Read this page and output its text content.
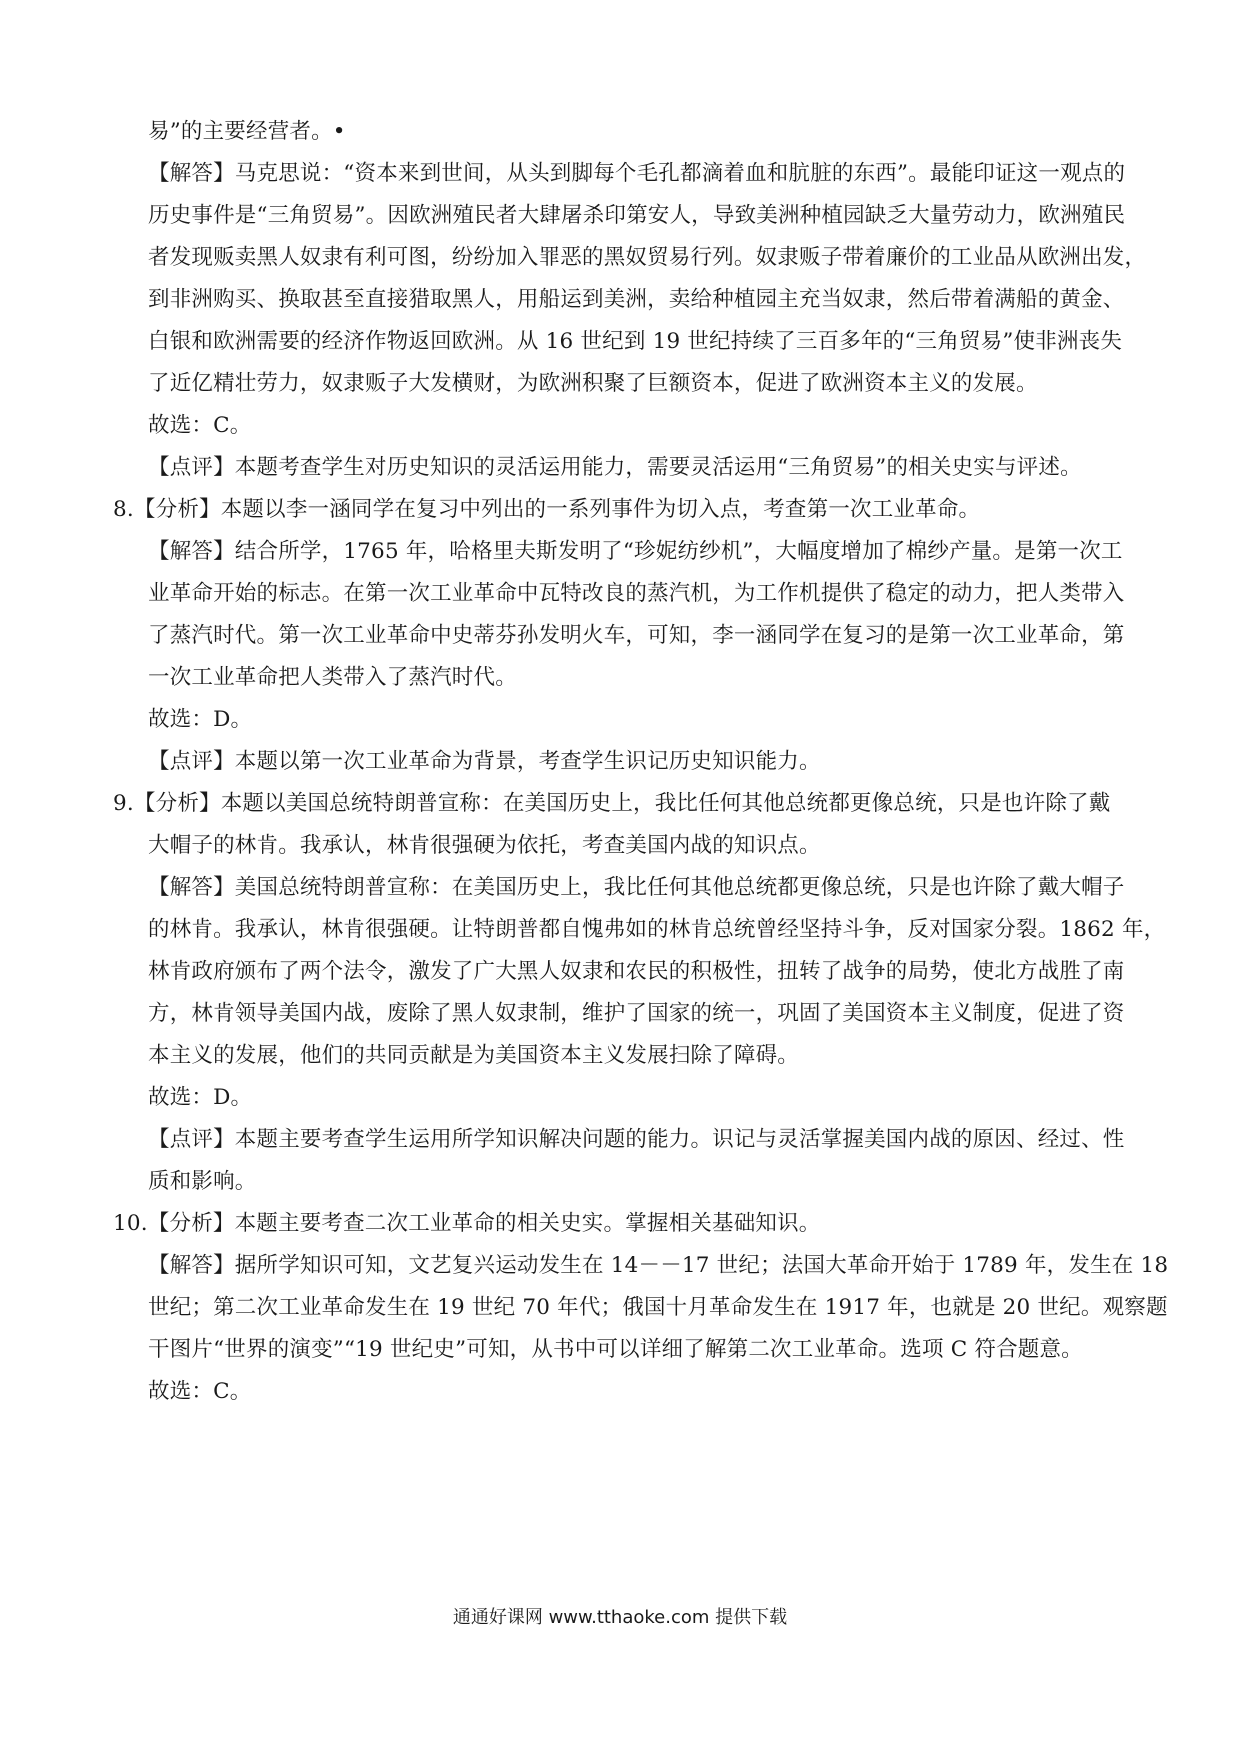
易”的主要经营者。•
【解答】马克思说：“资本来到世间，从头到脚每个毛孔都滴着血和肮脏的东西”。最能印证这一观点的
历史事件是“三角贸易”。因欧洲殖民者大肆屠杀印第安人，导致美洲种植园缺乏大量劳动力，欧洲殖民
者发现贩卖黑人奴隶有利可图，纷纷加入罪恶的黑奴贸易行列。奴隶贩子带着廉价的工业品从欧洲出发，
到非洲购买、换取甚至直接猎取黑人，用船运到美洲，卖给种植园主充当奴隶，然后带着满船的黄金、
白银和欧洲需要的经济作物返回欧洲。从 16 世纪到 19 世纪持续了三百多年的“三角贸易”使非洲丧失
了近亿精壮劳力，奴隶贩子大发横财，为欧洲积聚了巨额资本，促进了欧洲资本主义的发展。
故选：C。
【点评】本题考查学生对历史知识的灵活运用能力，需要灵活运用“三角贸易”的相关史实与评述。
8.【分析】本题以李一涵同学在复习中列出的一系列事件为切入点，考查第一次工业革命。
【解答】结合所学，1765 年，哈格里夫斯发明了“珍妮纺纱机”，大幅度增加了棉纱产量。是第一次工
业革命开始的标志。在第一次工业革命中瓦特改良的蒸汽机，为工作机提供了稳定的动力，把人类带入
了蒸汽时代。第一次工业革命中史蒂芬孙发明火车，可知，李一涵同学在复习的是第一次工业革命，第
一次工业革命把人类带入了蒸汽时代。
故选：D。
【点评】本题以第一次工业革命为背景，考查学生识记历史知识能力。
9.【分析】本题以美国总统特朗普宣称：在美国历史上，我比任何其他总统都更像总统，只是也许除了戴
大帽子的林肯。我承认，林肯很强硬为依托，考查美国内战的知识点。
【解答】美国总统特朗普宣称：在美国历史上，我比任何其他总统都更像总统，只是也许除了戴大帽子
的林肯。我承认，林肯很强硬。让特朗普都自愧弗如的林肯总统曾经坚持斗争，反对国家分裂。1862 年，
林肯政府颁布了两个法令，激发了广大黑人奴隶和农民的积极性，扭转了战争的局势，使北方战胜了南
方，林肯领导美国内战，废除了黑人奴隶制，维护了国家的统一，巩固了美国资本主义制度，促进了资
本主义的发展，他们的共同贡献是为美国资本主义发展扫除了障碍。
故选：D。
【点评】本题主要考查学生运用所学知识解决问题的能力。识记与灵活掌握美国内战的原因、经过、性
质和影响。
10.【分析】本题主要考查二次工业革命的相关史实。掌握相关基础知识。
【解答】据所学知识可知，文艺复兴运动发生在 14－－17 世纪；法国大革命开始于 1789 年，发生在 18
世纪；第二次工业革命发生在 19 世纪 70 年代；俄国十月革命发生在 1917 年，也就是 20 世纪。观察题
干图片“世界的演变”“19 世纪史”可知，从书中可以详细了解第二次工业革命。选项 C 符合题意。
故选：C。
通通好课网 www.tthaoke.com 提供下载
